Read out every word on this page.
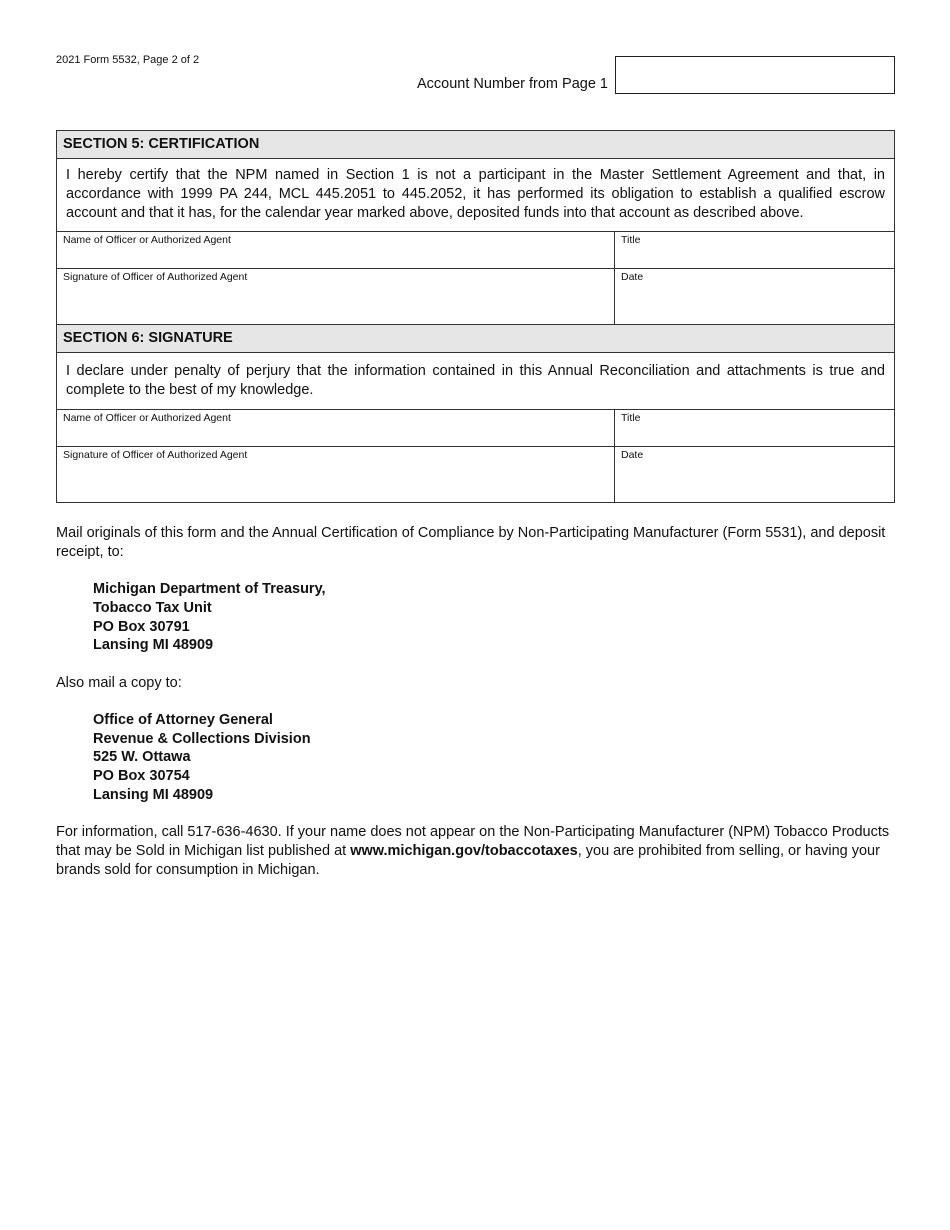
2021 Form 5532, Page 2 of 2
Account Number from Page 1
SECTION 5: CERTIFICATION
I hereby certify that the NPM named in Section 1 is not a participant in the Master Settlement Agreement and that, in accordance with 1999 PA 244, MCL 445.2051 to 445.2052, it has performed its obligation to establish a qualified escrow account and that it has, for the calendar year marked above, deposited funds into that account as described above.
Name of Officer or Authorized Agent	Title
Signature of Officer of Authorized Agent	Date
SECTION 6: SIGNATURE
I declare under penalty of perjury that the information contained in this Annual Reconciliation and attachments is true and complete to the best of my knowledge.
Name of Officer or Authorized Agent	Title
Signature of Officer of Authorized Agent	Date

Mail originals of this form and the Annual Certification of Compliance by Non-Participating Manufacturer (Form 5531), and deposit receipt, to:

Michigan Department of Treasury,
Tobacco Tax Unit
PO Box 30791
Lansing MI 48909

Also mail a copy to:

Office of Attorney General
Revenue & Collections Division
525 W. Ottawa
PO Box 30754
Lansing MI 48909

For information, call 517-636-4630. If your name does not appear on the Non-Participating Manufacturer (NPM) Tobacco Products that may be Sold in Michigan list published at www.michigan.gov/tobaccotaxes, you are prohibited from selling, or having your brands sold for consumption in Michigan.
